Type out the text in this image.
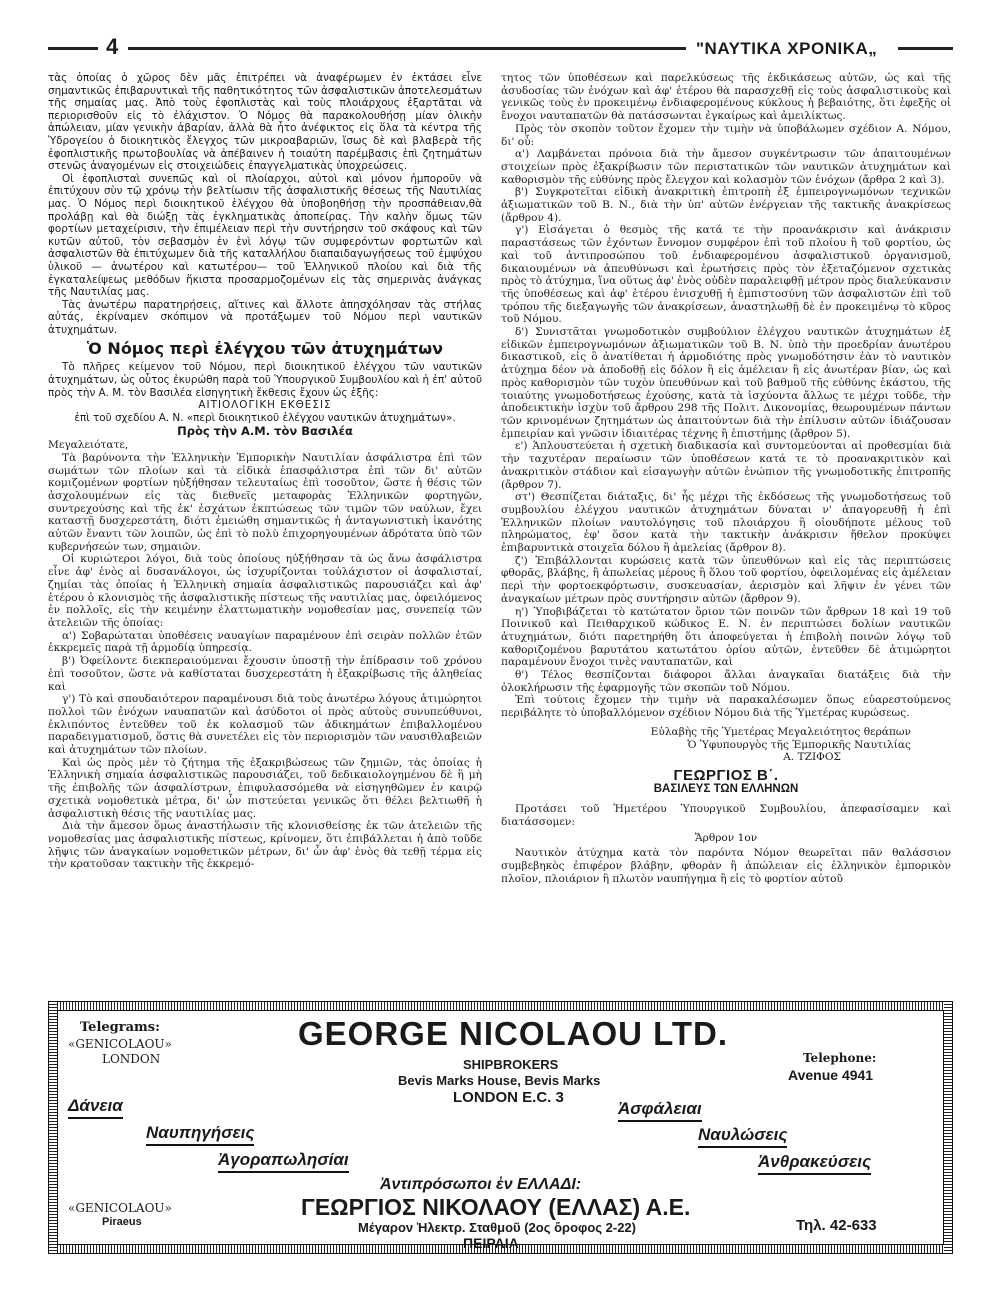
4	"ΝΑΥΤΙΚΑ ΧΡΟΝΙΚΑ„

τὰς ὁποίας ὁ χῶρος δὲν μᾶς ἐπιτρέπει νὰ ἀναφέρωμεν ἐν ἐκτάσει εἶνε σημαντικῶς ἐπιβαρυντικαὶ τῆς παθητικότητος τῶν ἀσφαλιστικῶν ἀποτελεσμάτων τῆς σημαίας μας. Ἀπὸ τοὺς ἐφοπλιστὰς καὶ τοὺς πλοιάρχους ἐξαρτᾶται νὰ περιορισθοῦν εἰς τὸ ἐλάχιστον. Ὁ Νόμος θὰ παρακολουθήσῃ μίαν ὁλικὴν ἀπώλειαν, μίαν γενικὴν ἀβαρίαν, ἀλλὰ θὰ ἦτο ἀνέφικτος εἰς ὅλα τὰ κέντρα τῆς Ὑδρογείου ὁ διοικητικὸς ἔλεγχος τῶν μικροαβαριῶν, ἴσως δὲ καὶ βλαβερὰ τῆς ἐφοπλιστικῆς πρωτοβουλίας νὰ ἀπέβαινεν ἡ τοιαύτη παρέμβασις ἐπὶ ζητημάτων στενῶς ἀναγομένων εἰς στοιχειώδεις ἐπαγγελματικὰς ὑποχρεώσεις.

Οἱ ἐφοπλισταὶ συνεπῶς καὶ οἱ πλοίαρχοι, αὐτοὶ καὶ μόνον ἠμποροῦν νὰ ἐπιτύχουν σὺν τῷ χρόνῳ τὴν βελτίωσιν τῆς ἀσφαλιστικῆς θέσεως τῆς Ναυτιλίας μας. Ὁ Νόμος περὶ διοικητικοῦ ἐλέγχου θὰ ὑποβοηθήσῃ τὴν προσπάθειαν,θὰ προλάβῃ καὶ θὰ διώξῃ τὰς ἐγκληματικὰς ἀποπείρας. Τὴν καλὴν ὅμως τῶν φορτίων μεταχείρισιν, τὴν ἐπιμέλειαν περὶ τὴν συντήρησιν τοῦ σκάφους καὶ τῶν κυτῶν αὐτοῦ, τὸν σεβασμὸν ἐν ἑνὶ λόγῳ τῶν συμφερόντων φορτωτῶν καὶ ἀσφαλιστῶν θὰ ἐπιτύχωμεν διὰ τῆς καταλλήλου διαπαιδαγωγήσεως τοῦ ἐμψύχου ὑλικοῦ — ἀνωτέρου καὶ κατωτέρου— τοῦ Ἑλληνικοῦ πλοίου καὶ διὰ τῆς ἐγκαταλείψεως μεθόδων ἥκιστα προσαρμοζομένων εἰς τὰς σημερινὰς ἀνάγκας τῆς Ναυτιλίας μας.

Τὰς ἀνωτέρω παρατηρήσεις, αἵτινες καὶ ἄλλοτε ἀπησχόλησαν τὰς στήλας αὐτάς, ἐκρίναμεν σκόπιμον νὰ προτάξωμεν τοῦ Νόμου περὶ ναυτικῶν ἀτυχημάτων.

Ὁ Νόμος περὶ ἐλέγχου τῶν ἀτυχημάτων

Τὸ πλῆρες κείμενον τοῦ Νόμου, περὶ διοικητικοῦ ἐλέγχου τῶν ναυτικῶν ἀτυχημάτων, ὡς οὗτος ἐκυρώθη παρὰ τοῦ Ὑπουργικοῦ Συμβουλίου καὶ ἡ ἐπ' αὐτοῦ πρὸς τὴν Α. Μ. τὸν Βασιλέα εἰσηγητικὴ ἔκθεσις ἔχουν ὡς ἑξῆς:

ΑΙΤΙΟΛΟΓΙΚΗ ΕΚΘΕΣΙΣ

ἐπὶ τοῦ σχεδίου Α. Ν. «περὶ διοικητικοῦ ἐλέγχου ναυτικῶν ἀτυχημάτων».

Πρὸς τὴν Α.Μ. τὸν Βασιλέα

Μεγαλειότατε,

Τὰ βαρύνοντα τὴν Ἑλληνικὴν Ἐμπορικὴν Ναυτιλίαν ἀσφάλιστρα ἐπὶ τῶν σωμάτων τῶν πλοίων καὶ τὰ εἰδικὰ ἐπασφάλιστρα ἐπὶ τῶν δι' αὐτῶν κομιζομένων φορτίων ηὐξήθησαν τελευταίως ἐπὶ τοσοῦτον, ὥστε ἡ θέσις τῶν ἀσχολουμένων εἰς τὰς διεθνεῖς μεταφορὰς Ἑλληνικῶν φορτηγῶν, συντρεχούσης καὶ τῆς ἐκ' ἐσχάτων ἐκπτώσεως τῶν τιμῶν τῶν ναύλων, ἔχει καταστῇ δυσχερεστάτη, διότι ἐμειώθη σημαντικῶς ἡ ἀνταγωνιστικὴ ἱκανότης αὐτῶν ἔναντι τῶν λοιπῶν, ὡς ἐπὶ τὸ πολὺ ἐπιχορηγουμένων ἀδρότατα ὑπὸ τῶν κυβερνήσεών των, σημαιῶν.

Οἱ κυριώτεροι λόγοι, διὰ τοὺς ὁποίους ηὐξήθησαν τὰ ὡς ἄνω ἀσφάλιστρα εἶνε ἀφ' ἑνὸς αἱ δυσανάλογοι, ὡς ἰσχυρίζονται τοὐλάχιστον οἱ ἀσφαλισταί, ζημίαι τὰς ὁποίας ἡ Ἑλληνικὴ σημαία ἀσφαλιστικῶς παρουσιάζει καὶ ἀφ' ἑτέρου ὁ κλονισμὸς τῆς ἀσφαλιστικῆς πίστεως τῆς ναυτιλίας μας, ὀφειλόμενος ἐν πολλοῖς, εἰς τὴν κειμένην ἐλαττωματικὴν νομοθεσίαν μας, συνεπείᾳ τῶν ἀτελειῶν τῆς ὁποίας:

α') Σοβαρώταται ὑποθέσεις ναυαγίων παραμένουν ἐπὶ σειρὰν πολλῶν ἐτῶν ἐκκρεμεῖς παρὰ τῇ ἁρμοδίᾳ ὑπηρεσίᾳ.

β') Ὀφείλοντε διεκπεραιούμεναι ἔχουσιν ὑποστῇ τὴν ἐπίδρασιν τοῦ χρόνου ἐπὶ τοσοῦτον, ὥστε νὰ καθίσταται δυσχερεστάτη ἡ ἐξακρίβωσις τῆς ἀληθείας καὶ

γ') Τὸ καὶ σπουδαιότερον παραμένουσι διὰ τοὺς ἀνωτέρω λόγους ἀτιμώρητοι πολλοὶ τῶν ἐνόχων ναυαπατῶν καὶ ἀσύδοτοι οἱ πρὸς αὐτοὺς συνυπεύθυνοι, ἐκλιπόντος ἐντεῦθεν τοῦ ἐκ κολασμοῦ τῶν ἀδικημάτων ἐπιβαλλομένου παραδειγματισμοῦ, ὅστις θὰ συνετέλει εἰς τὸν περιορισμὸν τῶν ναυσιθλαβειῶν καὶ ἀτυχημάτων τῶν πλοίων.

Καὶ ὡς πρὸς μὲν τὸ ζήτημα τῆς ἐξακριβώσεως τῶν ζημιῶν, τὰς ὁποίας ἡ Ἑλληνικὴ σημαία ἀσφαλιστικῶς παρουσιάζει, τοῦ δεδικαιολογημένου δὲ ἢ μὴ τῆς ἐπιβολῆς τῶν ἀσφαλίστρων, ἐπιφυλασσόμεθα νὰ εἰσηγηθῶμεν ἐν καιρῷ σχετικὰ νομοθετικὰ μέτρα, δι' ὧν πιστεύεται γενικῶς ὅτι θέλει βελτιωθῆ ἡ ἀσφαλιστικὴ θέσις τῆς ναυτιλίας μας.

Διὰ τὴν ἄμεσον ὅμως ἀναστήλωσιν τῆς κλονισθείσης ἐκ τῶν ἀτελειῶν τῆς νομοθεσίας μας ἀσφαλιστικῆς πίστεως, κρίνομεν, ὅτι ἐπιβάλλεται ἡ ἀπὸ τοῦδε λῆψις τῶν ἀναγκαίων νομοθετικῶν μέτρων, δι' ὧν ἀφ' ἑνὸς θὰ τεθῇ τέρμα εἰς τὴν κρατοῦσαν τακτικὴν τῆς ἐκκρεμό-

τητος τῶν ὑποθέσεων καὶ παρελκύσεως τῆς ἐκδικάσεως αὐτῶν, ὡς καὶ τῆς ἀσυδοσίας τῶν ἐνόχων καὶ ἀφ' ἑτέρου θὰ παρασχεθῇ εἰς τοὺς ἀσφαλιστικοὺς καὶ γενικῶς τοὺς ἐν προκειμένῳ ἐνδιαφερομένους κύκλους ἡ βεβαιότης, ὅτι ἐφεξῆς οἱ ἔνοχοι ναυταπατῶν θὰ πατάσσωνται ἐγκαίρως καὶ ἀμειλίκτως.

Πρὸς τὸν σκοπὸν τοῦτον ἔχομεν τὴν τιμὴν νὰ ὑποβάλωμεν σχέδιον Α. Νόμου, δι' οὗ:

α') Λαμβάνεται πρόνοια διὰ τὴν ἄμεσον συγκέντρωσιν τῶν ἀπαιτουμένων στοιχείων πρὸς ἐξακρίβωσιν τῶν περιστατικῶν τῶν ναυτικῶν ἀτυχημάτων καὶ καθορισμὸν τῆς εὐθύνης πρὸς ἔλεγχον καὶ κολασμὸν τῶν ἐνόχων (ἄρθρα 2 καὶ 3).

β') Συγκροτεῖται εἰδικὴ ἀνακριτικὴ ἐπιτροπὴ ἐξ ἐμπειρογνωμόνων τεχνικῶν ἀξιωματικῶν τοῦ Β. Ν., διὰ τὴν ὑπ' αὐτῶν ἐνέργειαν τῆς τακτικῆς ἀνακρίσεως (ἄρθρον 4).

γ') Εἰσάγεται ὁ θεσμὸς τῆς κατά τε τὴν προανάκρισιν καὶ ἀνάκρισιν παραστάσεως τῶν ἐχόντων ἔννομον συμφέρον ἐπὶ τοῦ πλοίου ἢ τοῦ φορτίου, ὡς καὶ τοῦ ἀντιπροσώπου τοῦ ἐνδιαφερομένου ἀσφαλιστικοῦ ὀργανισμοῦ, δικαιουμένων νὰ ἀπευθύνωσι καὶ ἐρωτήσεις πρὸς τὸν ἐξεταζόμενον σχετικὰς πρὸς τὸ ἀτύχημα, ἵνα οὕτως ἀφ' ἑνὸς οὐδὲν παραλειφθῇ μέτρον πρὸς διαλεύκανσιν τῆς ὑποθέσεως καὶ ἀφ' ἑτέρου ἐνισχυθῇ ἡ ἐμπιστοσύνη τῶν ἀσφαλιστῶν ἐπὶ τοῦ τρόπου τῆς διεξαγωγῆς τῶν ἀνακρίσεων, ἀναστηλωθῇ δὲ ἐν προκειμένῳ τὸ κῦρος τοῦ Νόμου.

δ') Συνιστᾶται γνωμοδοτικὸν συμβούλιον ἐλέγχου ναυτικῶν ἀτυχημάτων ἐξ εἰδικῶν ἐμπειρογνωμόνων ἀξιωματικῶν τοῦ Β. Ν. ὑπὸ τὴν προεδρίαν ἀνωτέρου δικαστικοῦ, εἰς ὃ ἀνατίθεται ἡ ἁρμοδιότης πρὸς γνωμοδότησιν ἐὰν τὸ ναυτικὸν ἀτύχημα δέον νὰ ἀποδοθῇ εἰς δόλον ἢ εἰς ἀμέλειαν ἢ εἰς ἀνωτέραν βίαν, ὡς καὶ πρὸς καθορισμὸν τῶν τυχὸν ὑπευθύνων καὶ τοῦ βαθμοῦ τῆς εὐθύνης ἑκάστου, τῆς τοιαύτης γνωμοδοτήσεως ἐχούσης, κατὰ τὰ ἰσχύοντα ἄλλως τε μέχρι τοῦδε, τὴν ἀποδεικτικὴν ἰσχὺν τοῦ ἄρθρου 298 τῆς Πολιτ. Δικονομίας, θεωρουμένων πάντων τῶν κρινομένων ζητημάτων ὡς ἀπαιτούντων διὰ τὴν ἐπίλυσιν αὐτῶν ἰδιάζουσαν ἐμπειρίαν καὶ γνῶσιν ἰδιαιτέρας τέχνης ἢ ἐπιστήμης (ἄρθρον 5).

ε') Ἁπλουστεύεται ἡ σχετικὴ διαδικασία καὶ συντομεύονται αἱ προθεσμίαι διὰ τὴν ταχυτέραν περαίωσιν τῶν ὑποθέσεων κατά τε τὸ προανακριτικὸν καὶ ἀνακριτικὸν στάδιον καὶ εἰσαγωγὴν αὐτῶν ἐνώπιον τῆς γνωμοδοτικῆς ἐπιτροπῆς (ἄρθρον 7).

στ') Θεσπίζεται διάταξις, δι' ἧς μέχρι τῆς ἐκδόσεως τῆς γνωμοδοτήσεως τοῦ συμβουλίου ἐλέγχου ναυτικῶν ἀτυχημάτων δύναται ν' ἀπαγορευθῇ ἡ ἐπὶ Ἑλληνικῶν πλοίων ναυτολόγησις τοῦ πλοιάρχου ἢ οἱουδήποτε μέλους τοῦ πληρώματος, ἐφ' ὅσον κατὰ τὴν τακτικὴν ἀνάκρισιν ἤθελον προκύψει ἐπιβαρυντικὰ στοιχεῖα δόλου ἢ ἀμελείας (ἄρθρον 8).

ζ') Ἐπιβάλλονται κυρώσεις κατὰ τῶν ὑπευθύνων καὶ εἰς τὰς περιπτώσεις φθορᾶς, βλάβης, ἢ ἀπωλείας μέρους ἢ ὅλου τοῦ φορτίου, ὀφειλομένας εἰς ἀμέλειαν περὶ τὴν φορτοεκφόρτωσιν, συσκευασίαν, ἀερισμὸν καὶ λῆψιν ἐν γένει τῶν ἀναγκαίων μέτρων πρὸς συντήρησιν αὐτῶν (ἄρθρον 9).

η') Ὑποβιβάζεται τὸ κατώτατον ὅριον τῶν ποινῶν τῶν ἄρθρων 18 καὶ 19 τοῦ Ποινικοῦ καὶ Πειθαρχικοῦ κώδικος Ε. Ν. ἐν περιπτώσει δολίων ναυτικῶν ἀτυχημάτων, διότι παρετηρήθη ὅτι ἀποφεύγεται ἡ ἐπιβολὴ ποινῶν λόγῳ τοῦ καθοριζομένου βαρυτάτου κατωτάτου ὁρίου αὐτῶν, ἐντεῦθεν δὲ ἀτιμώρητοι παραμένουν ἔνοχοι τινὲς ναυταπατῶν, καὶ

θ') Τέλος θεσπίζονται διάφοροι ἄλλαι ἀναγκαῖαι διατάξεις διὰ τὴν ὁλοκλήρωσιν τῆς ἐφαρμογῆς τῶν σκοπῶν τοῦ Νόμου.

Ἐπὶ τούτοις ἔχομεν τὴν τιμὴν νὰ παρακαλέσωμεν ὅπως εὐαρεστούμενος περιβάλητε τὸ ὑποβαλλόμενον σχέδιον Νόμου διὰ τῆς Ὑμετέρας κυρώσεως.

Εὐλαβὴς τῆς Ὑμετέρας Μεγαλειότητος θεράπων

Ὁ Ὑφυπουργὸς τῆς Ἐμπορικῆς Ναυτιλίας

Α. ΤΖΙΦΟΣ

ΓΕΩΡΓΙΟΣ Β΄.
ΒΑΣΙΛΕΥΣ ΤΩΝ ΕΛΛΗΝΩΝ

Προτάσει τοῦ Ἡμετέρου Ὑπουργικοῦ Συμβουλίου, ἀπεφασίσαμεν καὶ διατάσσομεν:

Ἄρθρον 1ον

Ναυτικὸν ἀτύχημα κατὰ τὸν παρόντα Νόμον θεωρεῖται πᾶν θαλάσσιον συμβεβηκὸς ἐπιφέρον βλάβην, φθορὰν ἢ ἀπώλειαν εἰς ἑλληνικὸν ἐμπορικὸν πλοῖον, πλοιάριον ἢ πλωτὸν ναυπήγημα ἢ εἰς τὸ φορτίον αὐτοῦ

Telegrams:
«GENICOLAOU»
LONDON
GEORGE NICOLAOU LTD.
SHIPBROKERS
Bevis Marks House, Bevis Marks
LONDON E.C. 3
Telephone:
Avenue 4941
Δάνεια	Ἀσφάλειαι
Ναυπηγήσεις	Ναυλώσεις
Ἀγοραπωλησίαι	Ἀνθρακεύσεις
Ἀντιπρόσωποι ἐν ΕΛΛΑΔΙ:
«GENICOLAOU»
Piraeus
ΓΕΩΡΓΙΟΣ ΝΙΚΟΛΑΟΥ (ΕΛΛΑΣ) Α.Ε.
Μέγαρον Ἠλεκτρ. Σταθμοῦ (2ος ὄροφος 2-22)
ΠΕΙΡΑΙΑ
Τηλ. 42-633
